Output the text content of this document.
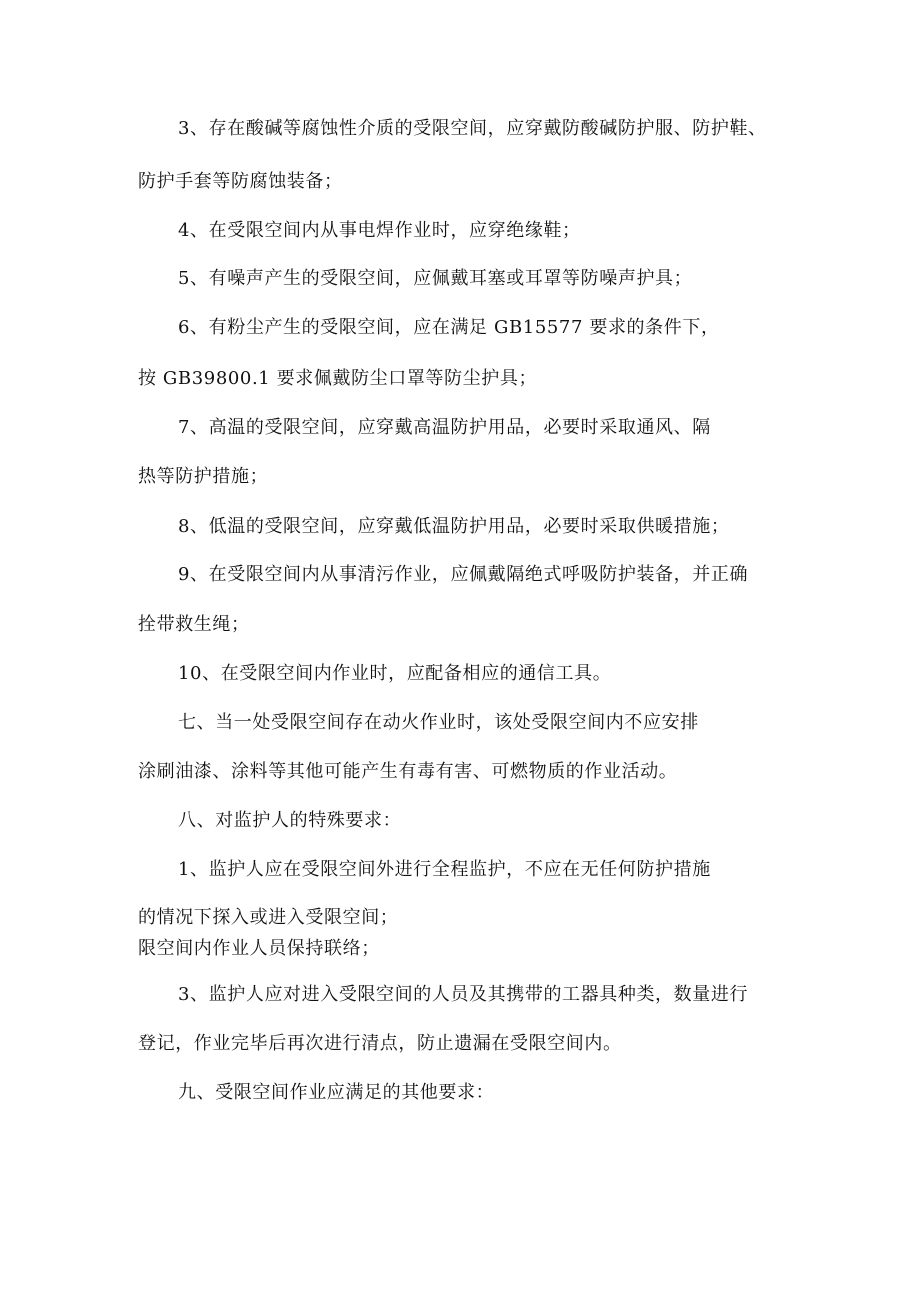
3、存在酸碱等腐蚀性介质的受限空间，应穿戴防酸碱防护服、防护鞋、
防护手套等防腐蚀装备；
4、在受限空间内从事电焊作业时，应穿绝缘鞋；
5、有噪声产生的受限空间，应佩戴耳塞或耳罩等防噪声护具；
6、有粉尘产生的受限空间，应在满足 GB15577 要求的条件下，
按 GB39800.1 要求佩戴防尘口罩等防尘护具；
7、高温的受限空间，应穿戴高温防护用品，必要时采取通风、隔
热等防护措施；
8、低温的受限空间，应穿戴低温防护用品，必要时采取供暖措施；
9、在受限空间内从事清污作业，应佩戴隔绝式呼吸防护装备，并正确
拴带救生绳；
10、在受限空间内作业时，应配备相应的通信工具。
七、当一处受限空间存在动火作业时，该处受限空间内不应安排
涂刷油漆、涂料等其他可能产生有毒有害、可燃物质的作业活动。
八、对监护人的特殊要求：
1、监护人应在受限空间外进行全程监护，不应在无任何防护措施
的情况下探入或进入受限空间；
限空间内作业人员保持联络；
3、监护人应对进入受限空间的人员及其携带的工器具种类，数量进行
登记，作业完毕后再次进行清点，防止遗漏在受限空间内。
九、受限空间作业应满足的其他要求：
